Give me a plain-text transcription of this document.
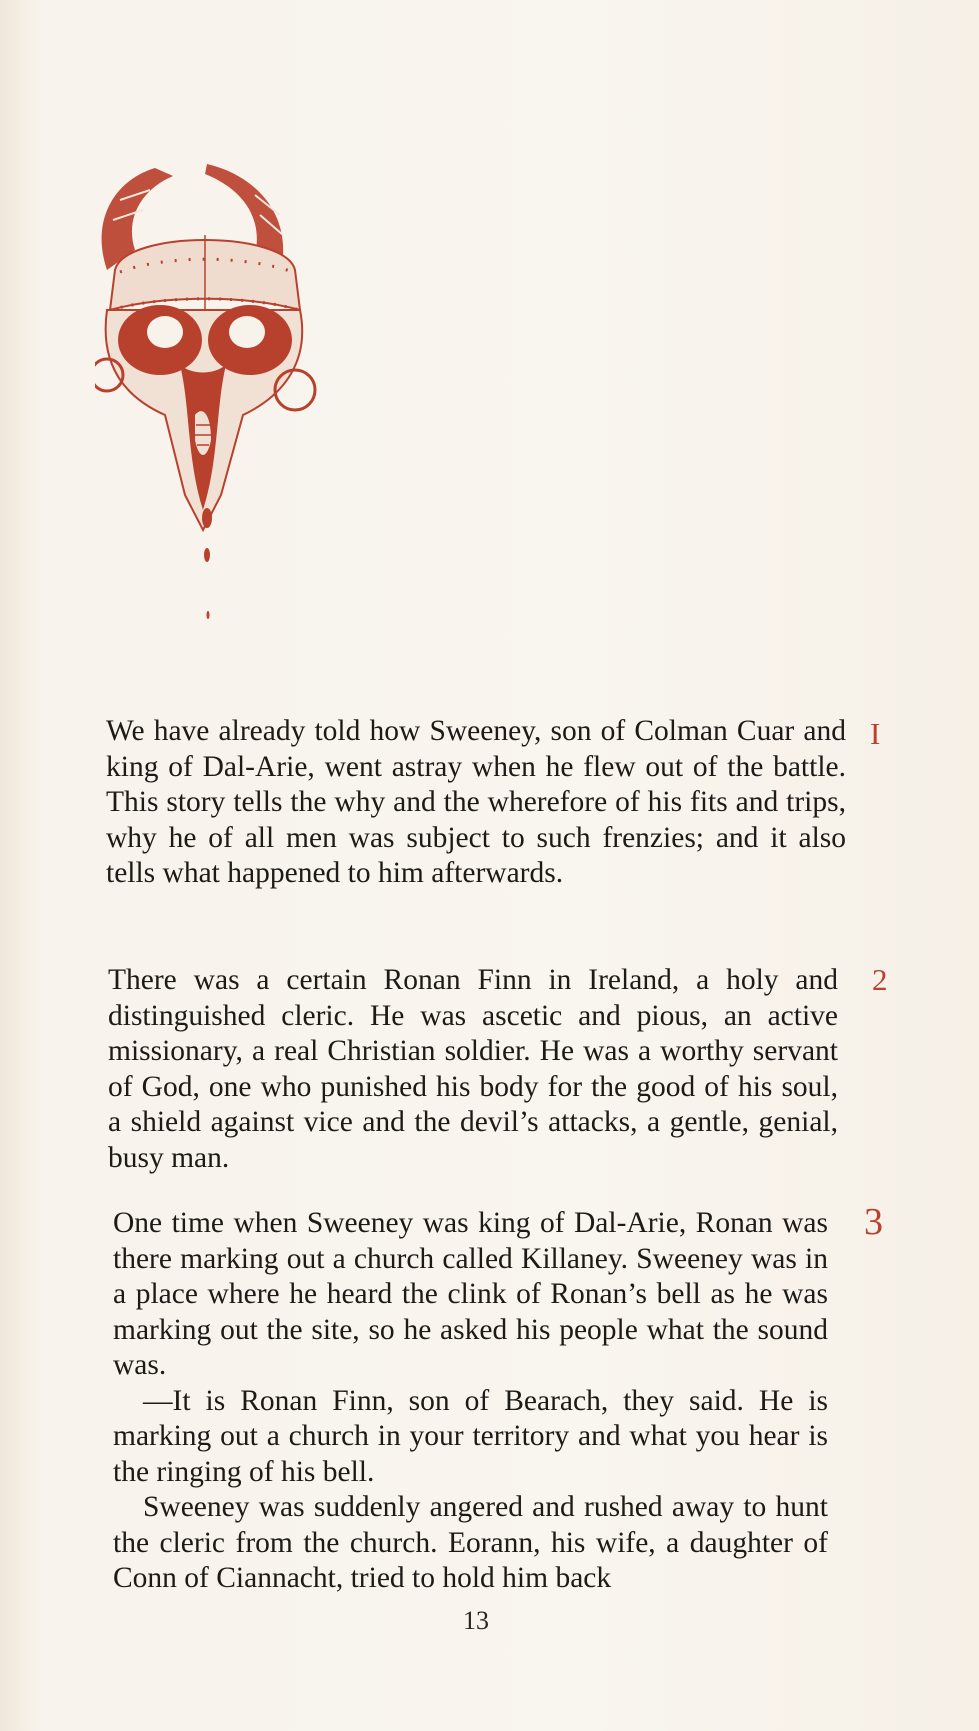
I

We have already told how Sweeney, son of Colman Cuar and king of Dal-Arie, went astray when he flew out of the battle. This story tells the why and the wherefore of his fits and trips, why he of all men was subject to such frenzies; and it also tells what happened to him afterwards.

2

There was a certain Ronan Finn in Ireland, a holy and distinguished cleric. He was ascetic and pious, an active missionary, a real Christian soldier. He was a worthy servant of God, one who punished his body for the good of his soul, a shield against vice and the devil’s attacks, a gentle, genial, busy man.

3

One time when Sweeney was king of Dal-Arie, Ronan was there marking out a church called Killaney. Sweeney was in a place where he heard the clink of Ronan’s bell as he was marking out the site, so he asked his people what the sound was.

—It is Ronan Finn, son of Bearach, they said. He is marking out a church in your territory and what you hear is the ringing of his bell.

Sweeney was suddenly angered and rushed away to hunt the cleric from the church. Eorann, his wife, a daughter of Conn of Ciannacht, tried to hold him back

13
